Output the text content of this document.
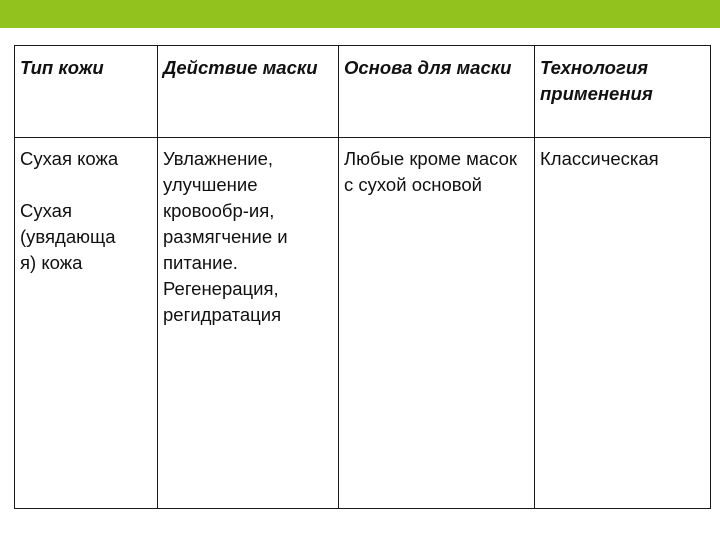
Тип кожи	Действие маски	Основа для маски	Технология применения

Сухая кожа
Сухая
(увядающа
я) кожа	Увлажнение, улучшение кровообр-ия, размягчение и питание. Регенерация, регидратация	Любые кроме масок с сухой основой	Классическая
